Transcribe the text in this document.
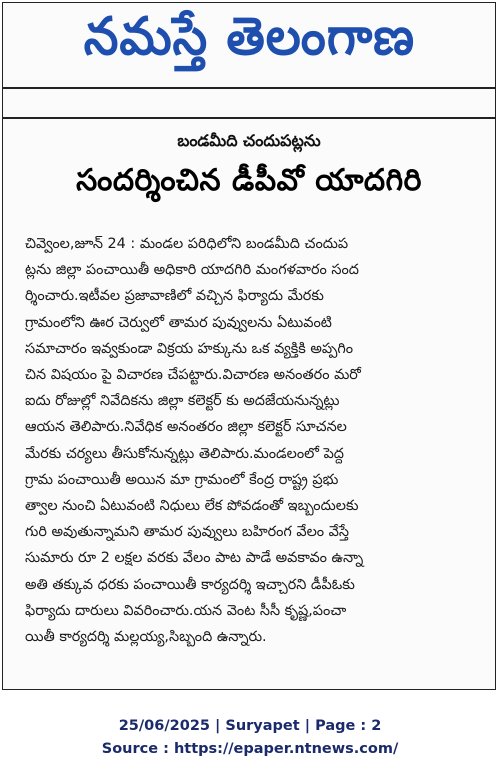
నమస్తే తెలంగాణ
బండమీది చందుపట్లను
సందర్శించిన డీపీవో యాదగిరి
చివ్వెంల,జూన్ 24 : మండల పరిధిలోని బండమీది చందుప
ట్లను జిల్లా పంచాయితీ అధికారి యాదగిరి మంగళవారం సంద
ర్శించారు.ఇటీవల ప్రజావాణిలో వచ్చిన ఫిర్యాదు మేరకు
గ్రామంలోని ఊర చెర్వులో తామర పువ్వులను ఏటువంటి
సమాచారం ఇవ్వకుండా విక్రయ హక్కును ఒక వ్యక్తికి అప్పగిం
చిన విషయం పై విచారణ చేపట్టారు.విచారణ అనంతరం మరో
ఐదు రోజుల్లో నివేదికను జిల్లా కలెక్టర్ కు అదజేయనున్నట్లు
ఆయన తెలిపారు.నివేధిక అనంతరం జిల్లా కలెక్టర్ సూచనల
మేరకు చర్యలు తీసుకోనున్నట్లు తెలిపారు.మండలంలో పెద్ద
గ్రామ పంచాయితీ అయిన మా గ్రామంలో కేంద్ర రాష్ట్ర ప్రభు
త్వాల నుంచి ఏటువంటి నిధులు లేక పోవడంతో ఇబ్బందులకు
గురి అవుతున్నామని తామర పువ్వులు బహిరంగ వేలం వేస్తే
సుమారు రూ 2 లక్షల వరకు వేలం పాట పాడే అవకావం ఉన్నా
అతి తక్కువ ధరకు పంచాయితీ కార్యదర్శి ఇచ్చారని డీపీఓకు
ఫిర్యాదు దారులు వివరించారు.యన వెంట సీసీ కృష్ణ,పంచా
యితీ కార్యదర్శి మల్లయ్య,సిబ్బంది ఉన్నారు.
25/06/2025 | Suryapet | Page : 2
Source : https://epaper.ntnews.com/
